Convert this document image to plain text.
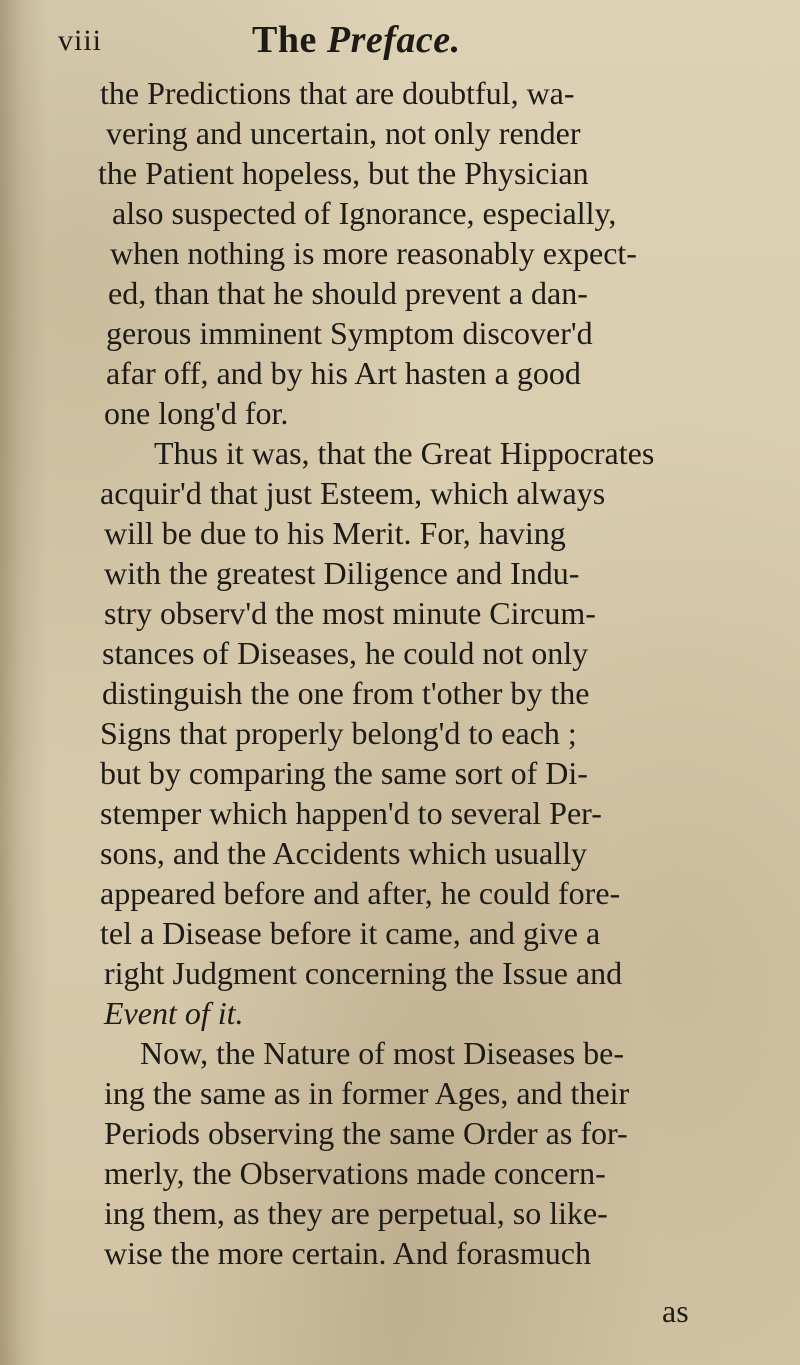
viii	The Preface.
the Predictions that are doubtful, wa-
vering and uncertain, not only render
the Patient hopeless, but the Physician
also suspected of Ignorance, especially,
when nothing is more reasonably expect-
ed, than that he should prevent a dan-
gerous imminent Symptom discover'd
afar off, and by his Art hasten a good
one long'd for.
Thus it was, that the Great Hippocrates
acquir'd that just Esteem, which always
will be due to his Merit. For, having
with the greatest Diligence and Indu-
stry observ'd the most minute Circum-
stances of Diseases, he could not only
distinguish the one from t'other by the
Signs that properly belong'd to each ;
but by comparing the same sort of Di-
stemper which happen'd to several Per-
sons, and the Accidents which usually
appeared before and after, he could fore-
tel a Disease before it came, and give a
right Judgment concerning the Issue and
Event of it.
Now, the Nature of most Diseases be-
ing the same as in former Ages, and their
Periods observing the same Order as for-
merly, the Observations made concern-
ing them, as they are perpetual, so like-
wise the more certain. And forasmuch
as
